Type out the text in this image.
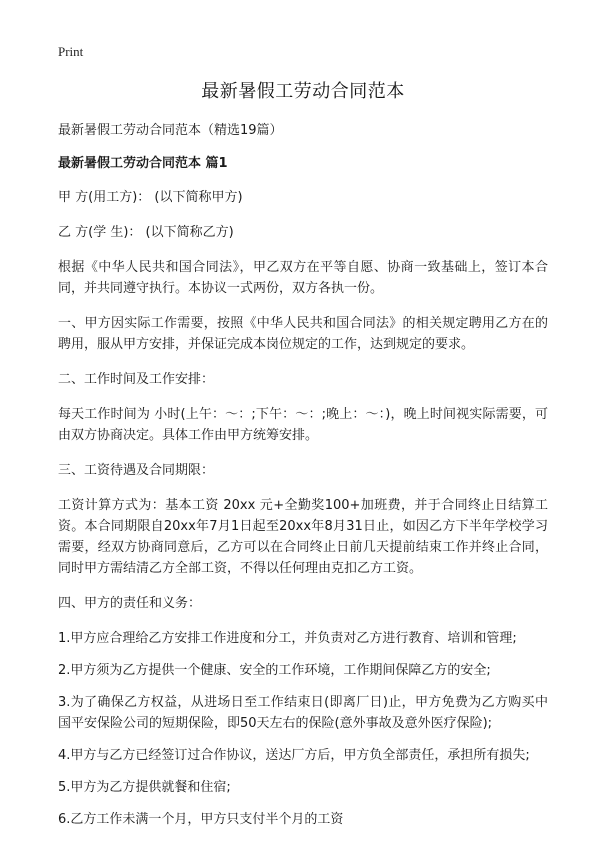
Print
最新暑假工劳动合同范本
最新暑假工劳动合同范本（精选19篇）
最新暑假工劳动合同范本 篇1
甲 方(用工方)： (以下简称甲方)
乙 方(学 生)： (以下简称乙方)
根据《中华人民共和国合同法》，甲乙双方在平等自愿、协商一致基础上，签订本合同，并共同遵守执行。本协议一式两份，双方各执一份。
一、甲方因实际工作需要，按照《中华人民共和国合同法》的相关规定聘用乙方在的聘用，服从甲方安排，并保证完成本岗位规定的工作，达到规定的要求。
二、工作时间及工作安排：
每天工作时间为 小时(上午：～：;下午：～：;晚上：～：)，晚上时间视实际需要，可由双方协商决定。具体工作由甲方统筹安排。
三、工资待遇及合同期限：
工资计算方式为：基本工资 20xx 元+全勤奖100+加班费，并于合同终止日结算工资。本合同期限自20xx年7月1日起至20xx年8月31日止，如因乙方下半年学校学习需要，经双方协商同意后，乙方可以在合同终止日前几天提前结束工作并终止合同，同时甲方需结清乙方全部工资，不得以任何理由克扣乙方工资。
四、甲方的责任和义务：
1.甲方应合理给乙方安排工作进度和分工，并负责对乙方进行教育、培训和管理;
2.甲方须为乙方提供一个健康、安全的工作环境，工作期间保障乙方的安全;
3.为了确保乙方权益，从进场日至工作结束日(即离厂日)止，甲方免费为乙方购买中国平安保险公司的短期保险，即50天左右的保险(意外事故及意外医疗保险);
4.甲方与乙方已经签订过合作协议，送达厂方后，甲方负全部责任，承担所有损失;
5.甲方为乙方提供就餐和住宿;
6.乙方工作未满一个月，甲方只支付半个月的工资
